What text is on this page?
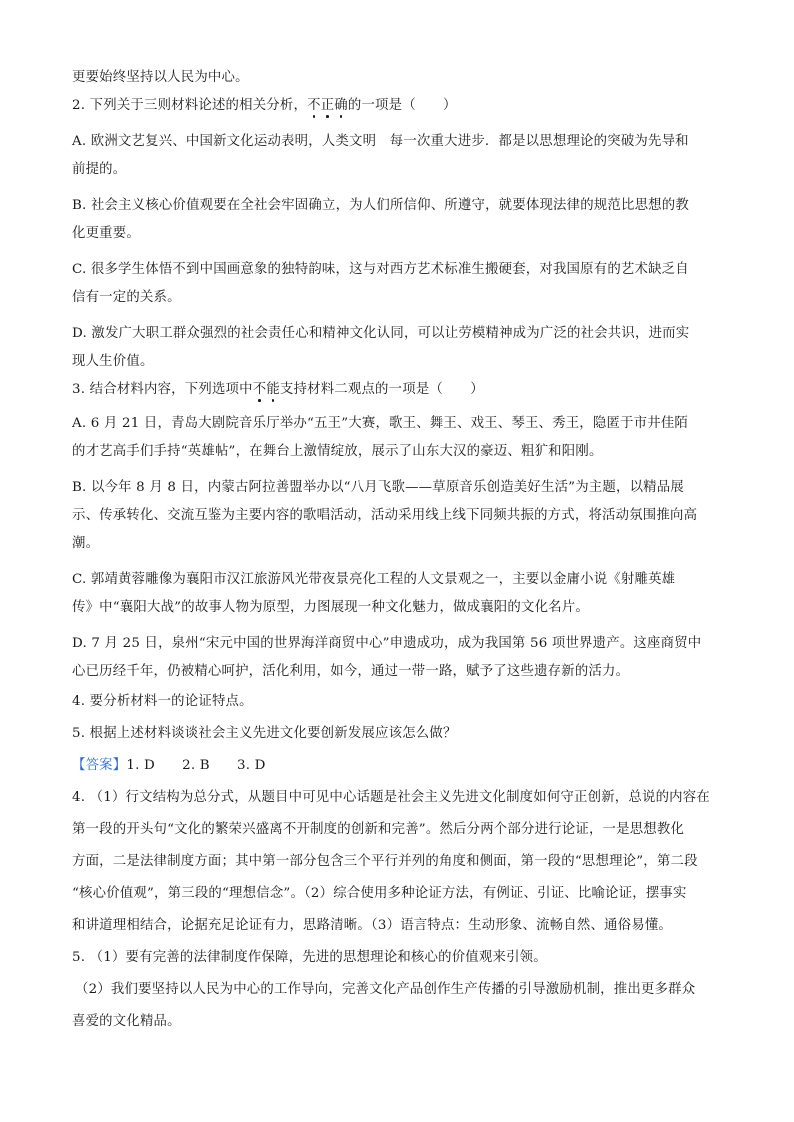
更要始终坚持以人民为中心。
2. 下列关于三则材料论述的相关分析，不正确的一项是（　　）
A. 欧洲文艺复兴、中国新文化运动表明，人类文明　每一次重大进步．都是以思想理论的突破为先导和
前提的。
B. 社会主义核心价值观要在全社会牢固确立，为人们所信仰、所遵守，就要体现法律的规范比思想的教
化更重要。
C. 很多学生体悟不到中国画意象的独特韵味，这与对西方艺术标准生搬硬套，对我国原有的艺术缺乏自
信有一定的关系。
D. 激发广大职工群众强烈的社会责任心和精神文化认同，可以让劳模精神成为广泛的社会共识，进而实
现人生价值。
3. 结合材料内容，下列选项中不能支持材料二观点的一项是（　　）
A. 6 月 21 日，青岛大剧院音乐厅举办“五王”大赛，歌王、舞王、戏王、琴王、秀王，隐匿于市井佳陌
的才艺高手们手持“英雄帖”，在舞台上激情绽放，展示了山东大汉的豪迈、粗犷和阳刚。
B. 以今年 8 月 8 日，内蒙古阿拉善盟举办以“八月飞歌——草原音乐创造美好生活”为主题，以精品展
示、传承转化、交流互鉴为主要内容的歌唱活动，活动采用线上线下同频共振的方式，将活动氛围推向高
潮。
C. 郭靖黄蓉雕像为襄阳市汉江旅游风光带夜景亮化工程的人文景观之一，主要以金庸小说《射雕英雄
传》中“襄阳大战”的故事人物为原型，力图展现一种文化魅力，做成襄阳的文化名片。
D. 7 月 25 日，泉州“宋元中国的世界海洋商贸中心”申遗成功，成为我国第 56 项世界遗产。这座商贸中
心已历经千年，仍被精心呵护，活化利用，如今，通过一带一路，赋予了这些遗存新的活力。
4. 要分析材料一的论证特点。
5. 根据上述材料谈谈社会主义先进文化要创新发展应该怎么做？
【答案】1. D　　2. B　　3. D
4. （1）行文结构为总分式，从题目中可见中心话题是社会主义先进文化制度如何守正创新，总说的内容在
第一段的开头句“文化的繁荣兴盛离不开制度的创新和完善”。然后分两个部分进行论证，一是思想教化
方面，二是法律制度方面；其中第一部分包含三个平行并列的角度和侧面，第一段的“思想理论”，第二段
“核心价值观”，第三段的“理想信念”。（2）综合使用多种论证方法，有例证、引证、比喻论证，摆事实
和讲道理相结合，论据充足论证有力，思路清晰。（3）语言特点：生动形象、流畅自然、通俗易懂。
5. （1）要有完善的法律制度作保障，先进的思想理论和核心的价值观来引领。
（2）我们要坚持以人民为中心的工作导向，完善文化产品创作生产传播的引导激励机制，推出更多群众
喜爱的文化精品。
